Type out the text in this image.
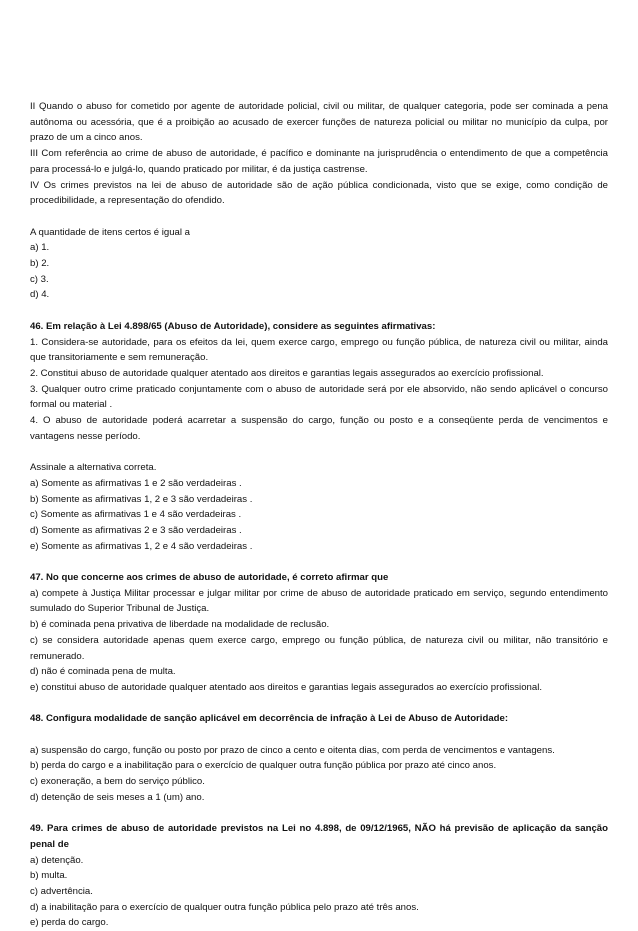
II Quando o abuso for cometido por agente de autoridade policial, civil ou militar, de qualquer categoria, pode ser cominada a pena autônoma ou acessória, que é a proibição ao acusado de exercer funções de natureza policial ou militar no município da culpa, por prazo de um a cinco anos.

III Com referência ao crime de abuso de autoridade, é pacífico e dominante na jurisprudência o entendimento de que a competência para processá-lo e julgá-lo, quando praticado por militar, é da justiça castrense.

IV Os crimes previstos na lei de abuso de autoridade são de ação pública condicionada, visto que se exige, como condição de procedibilidade, a representação do ofendido.

A quantidade de itens certos é igual a

a) 1.

b) 2.

c) 3.

d) 4.

46. Em relação à Lei 4.898/65 (Abuso de Autoridade), considere as seguintes afirmativas:

1. Considera-se autoridade, para os efeitos da lei, quem exerce cargo, emprego ou função pública, de natureza civil ou militar, ainda que transitoriamente e sem remuneração.

2. Constitui abuso de autoridade qualquer atentado aos direitos e garantias legais assegurados ao exercício profissional.

3. Qualquer outro crime praticado conjuntamente com o abuso de autoridade será por ele absorvido, não sendo aplicável o concurso formal ou material .

4. O abuso de autoridade poderá acarretar a suspensão do cargo, função ou posto e a conseqüente perda de vencimentos e vantagens nesse período.

Assinale a alternativa correta.

a) Somente as afirmativas 1 e 2 são verdadeiras .

b) Somente as afirmativas 1, 2 e 3 são verdadeiras .

c) Somente as afirmativas 1 e 4 são verdadeiras .

d) Somente as afirmativas 2 e 3 são verdadeiras .

e) Somente as afirmativas 1, 2 e 4 são verdadeiras .

47. No que concerne aos crimes de abuso de autoridade, é correto afirmar que

a) compete à Justiça Militar processar e julgar militar por crime de abuso de autoridade praticado em serviço, segundo entendimento sumulado do Superior Tribunal de Justiça.

b) é cominada pena privativa de liberdade na modalidade de reclusão.

c) se considera autoridade apenas quem exerce cargo, emprego ou função pública, de natureza civil ou militar, não transitório e remunerado.

d) não é cominada pena de multa.

e) constitui abuso de autoridade qualquer atentado aos direitos e garantias legais assegurados ao exercício profissional.

48. Configura modalidade de sanção aplicável em decorrência de infração à Lei de Abuso de Autoridade:

a) suspensão do cargo, função ou posto por prazo de cinco a cento e oitenta dias, com perda de vencimentos e vantagens.

b) perda do cargo e a inabilitação para o exercício de qualquer outra função pública por prazo até cinco anos.

c) exoneração, a bem do serviço público.

d) detenção de seis meses a 1 (um) ano.

49. Para crimes de abuso de autoridade previstos na Lei no 4.898, de 09/12/1965, NÃO há previsão de aplicação da sanção penal de

a) detenção.

b) multa.

c) advertência.

d) a inabilitação para o exercício de qualquer outra função pública pelo prazo até três anos.

e) perda do cargo.
